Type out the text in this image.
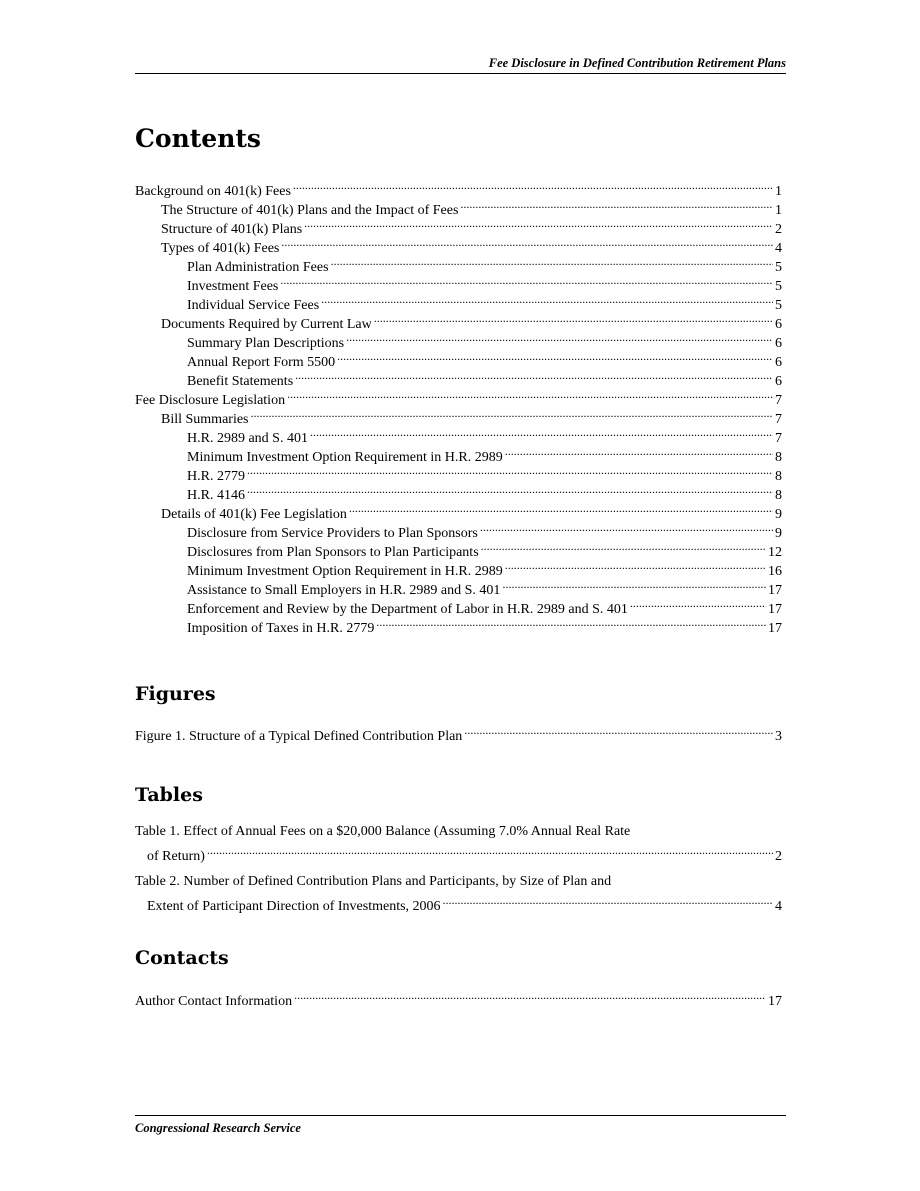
Fee Disclosure in Defined Contribution Retirement Plans
Contents
Background on 401(k) Fees .....	1
The Structure of 401(k) Plans and the Impact of Fees .....	1
Structure of 401(k) Plans .....	2
Types of 401(k) Fees .....	4
Plan Administration Fees .....	5
Investment Fees .....	5
Individual Service Fees .....	5
Documents Required by Current Law .....	6
Summary Plan Descriptions .....	6
Annual Report Form 5500 .....	6
Benefit Statements .....	6
Fee Disclosure Legislation .....	7
Bill Summaries .....	7
H.R. 2989 and S. 401 .....	7
Minimum Investment Option Requirement in H.R. 2989 .....	8
H.R. 2779 .....	8
H.R. 4146 .....	8
Details of 401(k) Fee Legislation .....	9
Disclosure from Service Providers to Plan Sponsors .....	9
Disclosures from Plan Sponsors to Plan Participants .....	12
Minimum Investment Option Requirement in H.R. 2989 .....	16
Assistance to Small Employers in H.R. 2989 and S. 401 .....	17
Enforcement and Review by the Department of Labor in H.R. 2989 and S. 401 .....	17
Imposition of Taxes in H.R. 2779 .....	17
Figures
Figure 1. Structure of a Typical Defined Contribution Plan .....	3
Tables
Table 1. Effect of Annual Fees on a $20,000 Balance (Assuming 7.0% Annual Real Rate
of Return) .....	2
Table 2. Number of Defined Contribution Plans and Participants, by Size of Plan and
Extent of Participant Direction of Investments, 2006 .....	4
Contacts
Author Contact Information .....	17
Congressional Research Service
